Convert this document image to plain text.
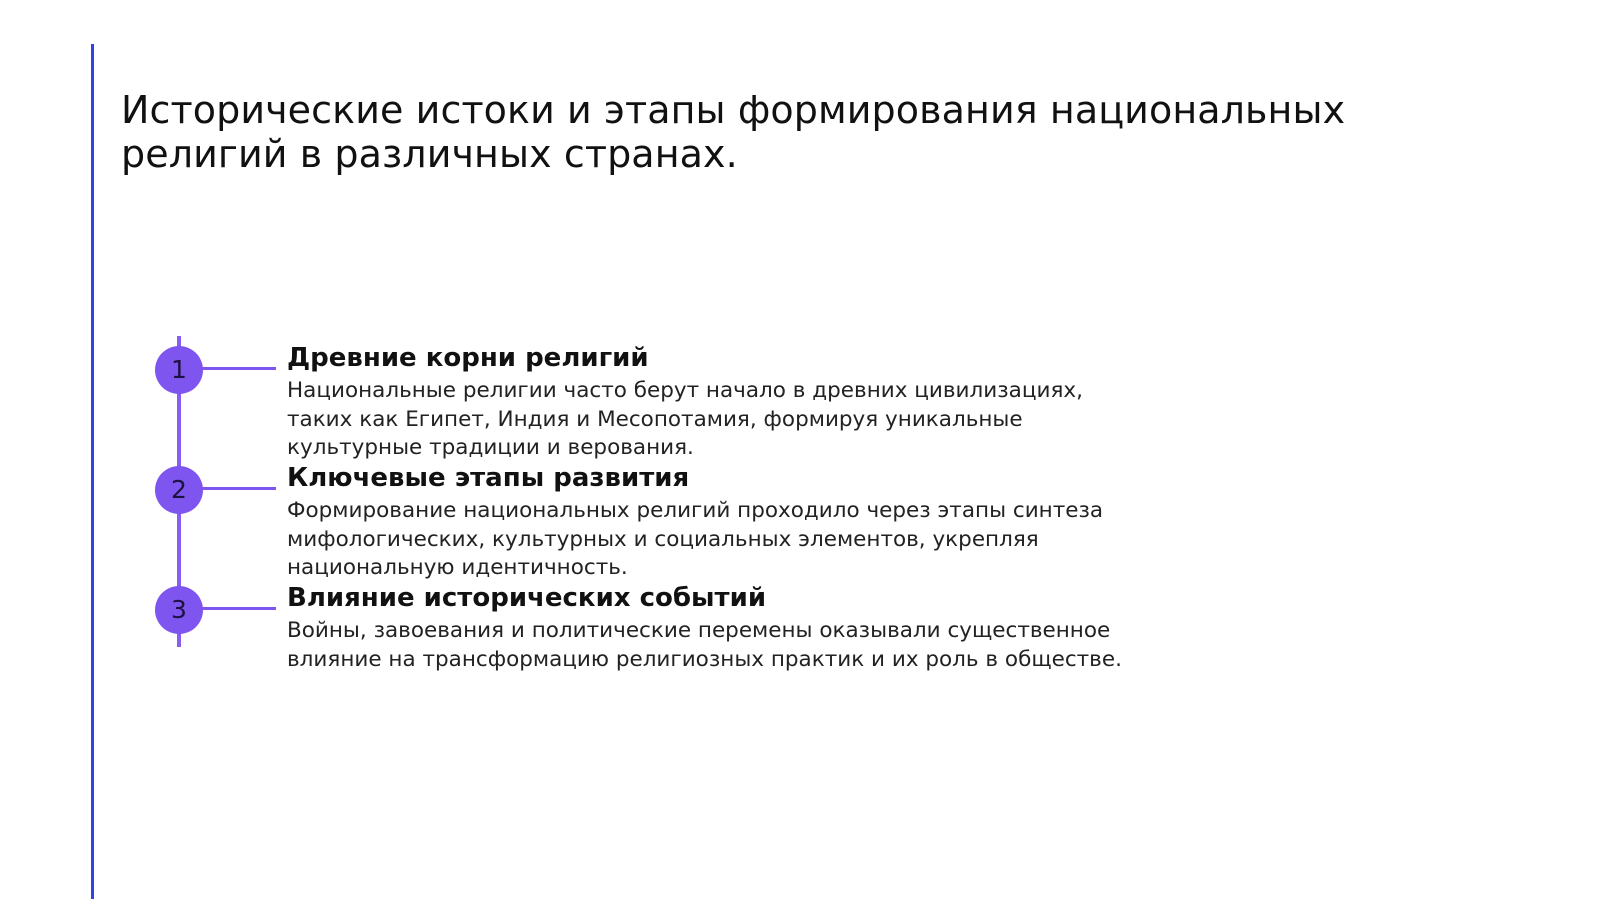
Исторические истоки и этапы формирования национальных религий в различных странах.
1	Древние корни религий

Национальные религии часто берут начало в древних цивилизациях, таких как Египет, Индия и Месопотамия, формируя уникальные культурные традиции и верования.

2	Ключевые этапы развития

Формирование национальных религий проходило через этапы синтеза мифологических, культурных и социальных элементов, укрепляя национальную идентичность.

3	Влияние исторических событий

Войны, завоевания и политические перемены оказывали существенное влияние на трансформацию религиозных практик и их роль в обществе.
